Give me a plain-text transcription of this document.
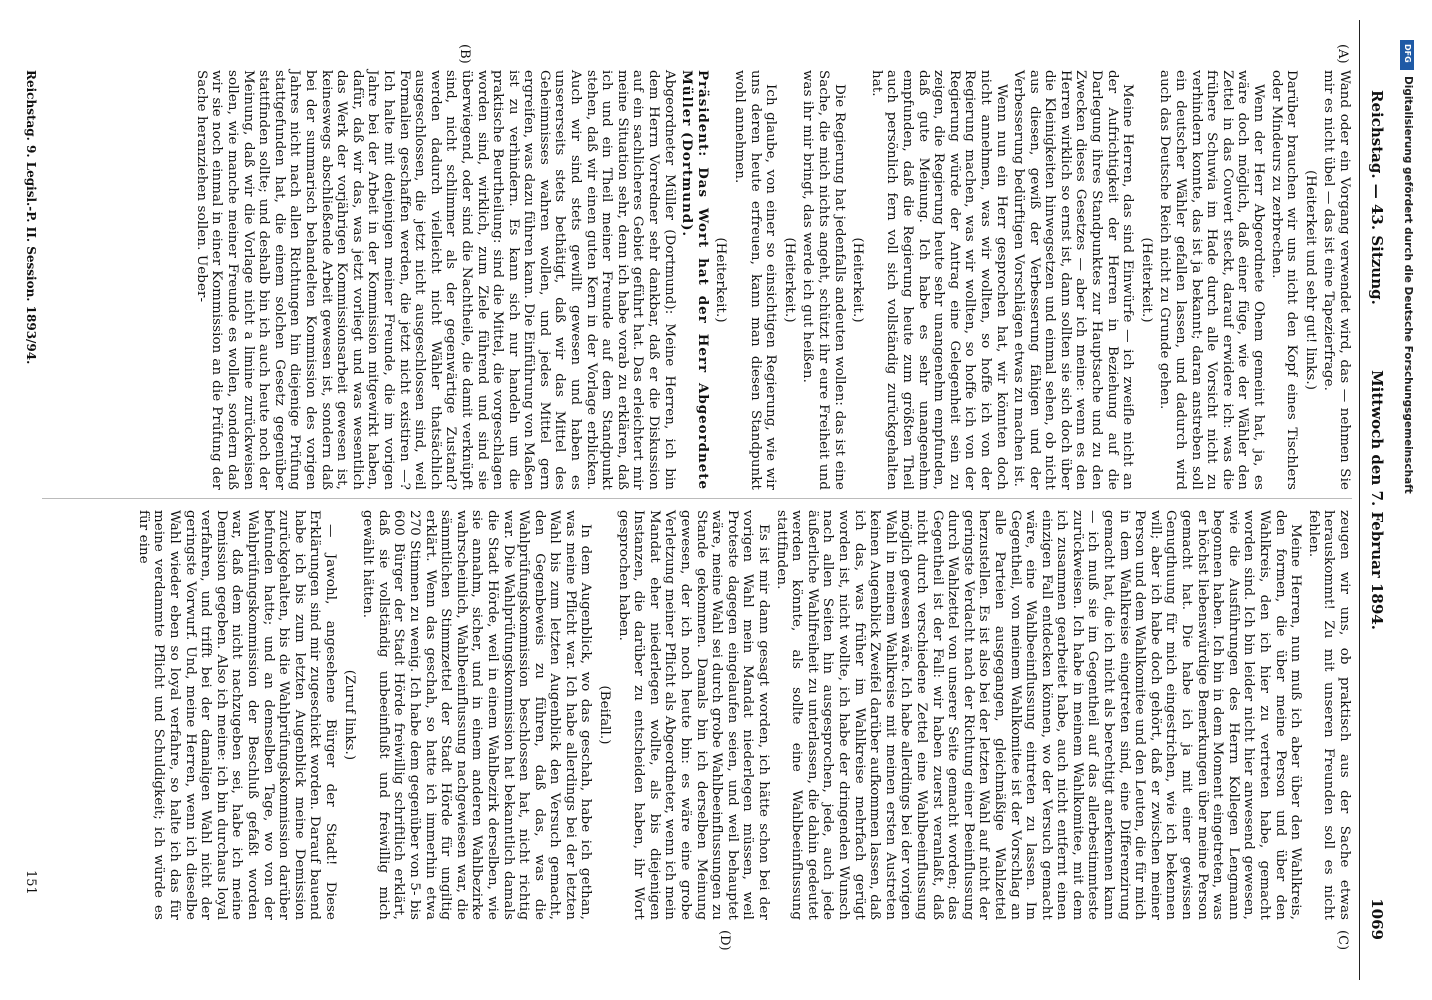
Reichstag. — 43. Sitzung.
Mittwoch den 7. Februar 1894.
1069
(A)
(B)
(C)
(D)

Wand oder ein Vorgang verwendet wird, das — nehmen Sie mir es nicht übel — das ist eine Tapezierfrage.

(Heiterkeit und sehr gut! links.)

Darüber brauchen wir uns nicht den Kopf eines Tischlers oder Mindeurs zu zerbrechen.

Wenn der Herr Abgeordnete Ohem gemeint hat, ja, es wäre doch möglich, daß einer füge, wie der Wähler den Zettel in das Couvert steckt, darauf erwidere ich: was die frühere Schuwia im Hade durch alle Vorsicht nicht zu verhindern konnte, das ist ja bekannt; daran anstreben soll ein deutscher Wähler gefallen lassen, und dadurch wird auch das Deutsche Reich nicht zu Grunde gehen.

(Heiterkeit.)

Meine Herren, das sind Einwürfe — ich zweifle nicht an der Aufrichtigkeit der Herren in Beziehung auf die Darlegung ihres Standpunktes zur Hauptsache und zu den Zwecken dieses Gesetzes — aber ich meine: wenn es den Herren wirklich so ernst ist, dann sollten sie sich doch über die Kleinigkeiten hinwegsetzen und einmal sehen, ob nicht aus diesen, gewiß der Verbesserung fähigen und der Verbesserung bedürftigen Vorschlägen etwas zu machen ist.

Wenn nun ein Herr gesprochen hat, wir könnten doch nicht annehmen, was wir wollten, so hoffe ich von der Regierung machen, was wir wollten, so hoffe ich von der Regierung würde der Antrag eine Gelegenheit sein zu zeigen, die Regierung heute sehr unangenehm empfunden, daß gute Meinung. Ich habe es sehr unangenehm empfunden, daß die Regierung heute zum größten Theil auch persönlich fern voll sich vollständig zurückgehalten hat.

(Heiterkeit.)

Die Regierung hat jedenfalls andeuten wollen: das ist eine Sache, die mich nichts angeht, schützt ihr eure Freiheit und was ihr mir bringt, das werde ich gut heißen.

(Heiterkeit.)

Ich glaube, von einer so einsichtigen Regierung, wie wir uns deren heute erfreuen, kann man diesen Standpunkt wohl annehmen.

(Heiterkeit.)

Präsident: Das Wort hat der Herr Abgeordnete Müller (Dortmund).

Abgeordneter Müller (Dortmund): Meine Herren, ich bin dem Herrn Vorredner sehr dankbar, daß er die Diskussion auf ein sachlicheres Gebiet geführt hat. Das erleichtert mir meine Situation sehr, denn ich habe vorab zu erklären, daß ich und ein Theil meiner Freunde auf dem Standpunkt stehen, daß wir einen guten Kern in der Vorlage erblicken. Auch wir sind stets gewillt gewesen und haben es unsererseits stets bethätigt, daß wir das Mittel des Geheimnisses wahren wollen, und jedes Mittel gern ergreifen, was dazu führen kann. Die Einführung von Maßen ist zu verhindern. Es kann sich nur handeln um die praktische Beurtheilung: sind die Mittel, die vorgeschlagen worden sind, wirklich, zum Ziele führend und sind sie überwiegend, oder sind die Nachtheile, die damit verknüpft sind, nicht schlimmer als der gegenwärtige Zustand? werden dadurch vielleicht nicht Wähler thatsächlich ausgeschlossen, die jetzt nicht ausgeschlossen sind, weil Formalien geschaffen werden, die jetzt nicht existiren —? Ich halte mit denjenigen meiner Freunde, die im vorigen Jahre bei der Arbeit in der Kommission mitgewirkt haben, dafür, daß wir das, was jetzt vorliegt und was wesentlich das Werk der vorjährigen Kommissionsarbeit gewesen ist, keineswegs abschließende Arbeit gewesen ist, sondern daß bei der summarisch behandelten Kommission des vorigen Jahres nicht nach allen Richtungen hin diejenige Prüfung stattgefunden hat, die einem solchen Gesetz gegenüber stattfinden sollte; und deshalb bin ich auch heute noch der Meinung, daß wir die Vorlage nicht a limine zurückweisen sollen, wie manche meiner Freunde es wollen, sondern daß wir sie noch einmal in einer Kommission an die Prüfung der Sache heranziehen sollen. Ueber-

zeugen wir uns, ob praktisch aus der Sache etwas herauskommt! Zu mit unseren Freunden soll es nicht fehlen.

Meine Herren, nun muß ich aber über den Wahlkreis, den formen, die über meine Person und über den Wahlkreis, den ich hier zu vertreten habe, gemacht worden sind. Ich bin leider nicht hier anwesend gewesen, wie die Ausführungen des Herrn Kollegen Lengmann begonnen haben. Ich bin in dem Moment eingetreten, was er höchst liebenswürdige Bemerkungen über meine Person gemacht hat. Die habe ich ja mit einer gewissen Genugthuung für mich eingestrichen, wie ich bekennen will; aber ich habe doch gehört, daß er zwischen meiner Person und dem Wahlkomitee und den Leuten, die für mich in dem Wahlkreise eingetreten sind, eine Differenzirung gemacht hat, die ich nicht als berechtigt anerkennen kann — ich muß sie im Gegentheil auf das allerbestimmteste zurückweisen. Ich habe in meinem Wahlkomitee, mit dem ich zusammen gearbeitet habe, auch nicht entfernt einen einzigen Fall entdecken können, wo der Versuch gemacht wäre, eine Wahlbeeinflussung eintreten zu lassen. Im Gegentheil, von meinem Wahlkomitee ist der Vorschlag an alle Parteien ausgegangen, gleichmäßige Wahlzettel herzustellen. Es ist also bei der letzten Wahl auf nicht der geringste Verdacht nach der Richtung einer Beeinflussung durch Wahlzettel von unserer Seite gemacht worden; das Gegentheil ist der Fall: wir haben zuerst veranlaßt, daß nicht durch verschiedene Zettel eine Wahlbeeinflussung möglich gewesen wäre. Ich habe allerdings bei der vorigen Wahl in meinem Wahlkreise mit meinen ersten Austreten keinen Augenblick Zweifel darüber aufkommen lassen, daß ich das, was früher im Wahlkreise mehrfach gerügt worden ist, nicht wollte, ich habe der dringenden Wunsch nach allen Seiten hin ausgesprochen, jede, auch jede äußerliche Wahlfreiheit zu unterlassen, die dahin gedeutet werden könnte, als sollte eine Wahlbeeinflussung stattfinden.

Es ist mir dann gesagt worden, ich hätte schon bei der vorigen Wahl mein Mandat niederlegen müssen, weil Proteste dagegen eingelaufen seien, und weil behauptet wäre, meine Wahl sei durch grobe Wahlbeeinflussungen zu Stande gekommen. Damals bin ich derselben Meinung gewesen, der ich noch heute bin: es wäre eine grobe Verletzung meiner Pflicht als Abgeordneter, wenn ich mein Mandat eher niederlegen wollte, als bis diejenigen Instanzen, die darüber zu entscheiden haben, ihr Wort gesprochen haben.

(Beifall.)

In dem Augenblick, wo das geschah, habe ich gethan, was meine Pflicht war. Ich habe allerdings bei der letzten Wahl bis zum letzten Augenblick den Versuch gemacht, den Gegenbeweis zu führen, daß das, was die Wahlprüfungskommission beschlossen hat, nicht richtig war. Die Wahlprüfungskommission hat bekanntlich damals die Stadt Hörde, weil in einem Wahlbezirk derselben, wie sie annahm, sicher, und in einem anderen Wahlbezirke wahrscheinlich, Wahlbeeinflussung nachgewiesen war, die sämmtlichen Stimmzettel der Stadt Hörde für ungiltig erklärt. Wenn das geschah, so hatte ich immerhin etwa 270 Stimmen zu wenig. Ich habe dem gegenüber von 5- bis 600 Bürger der Stadt Hörde freiwillig schriftlich erklärt, daß sie vollständig unbeeinflußt und freiwillig mich gewählt hätten.

(Zuruf links.)

— Jawohl, angesehene Bürger der Stadt! Diese Erklärungen sind mir zugeschickt worden. Darauf bauend habe ich bis zum letzten Augenblick meine Demission zurückgehalten, bis die Wahlprüfungskommission darüber befunden hatte; und an demselben Tage, wo von der Wahlprüfungskommission der Beschluß gefaßt worden war, daß dem nicht nachzugeben sei, habe ich meine Demission gegeben. Also ich meine: ich bin durchaus loyal verfahren, und trifft bei der damaligen Wahl nicht der geringste Vorwurf. Und, meine Herren, wenn ich dieselbe Wahl wieder eben so loyal verfahre, so halte ich das für meine verdammte Pflicht und Schuldigkeit; ich würde es für eine

Reichstag. 9. Legisl.-P. II. Session. 1893/94.
151
DFG
Digitalisierung gefördert durch die Deutsche Forschungsgemeinschaft
